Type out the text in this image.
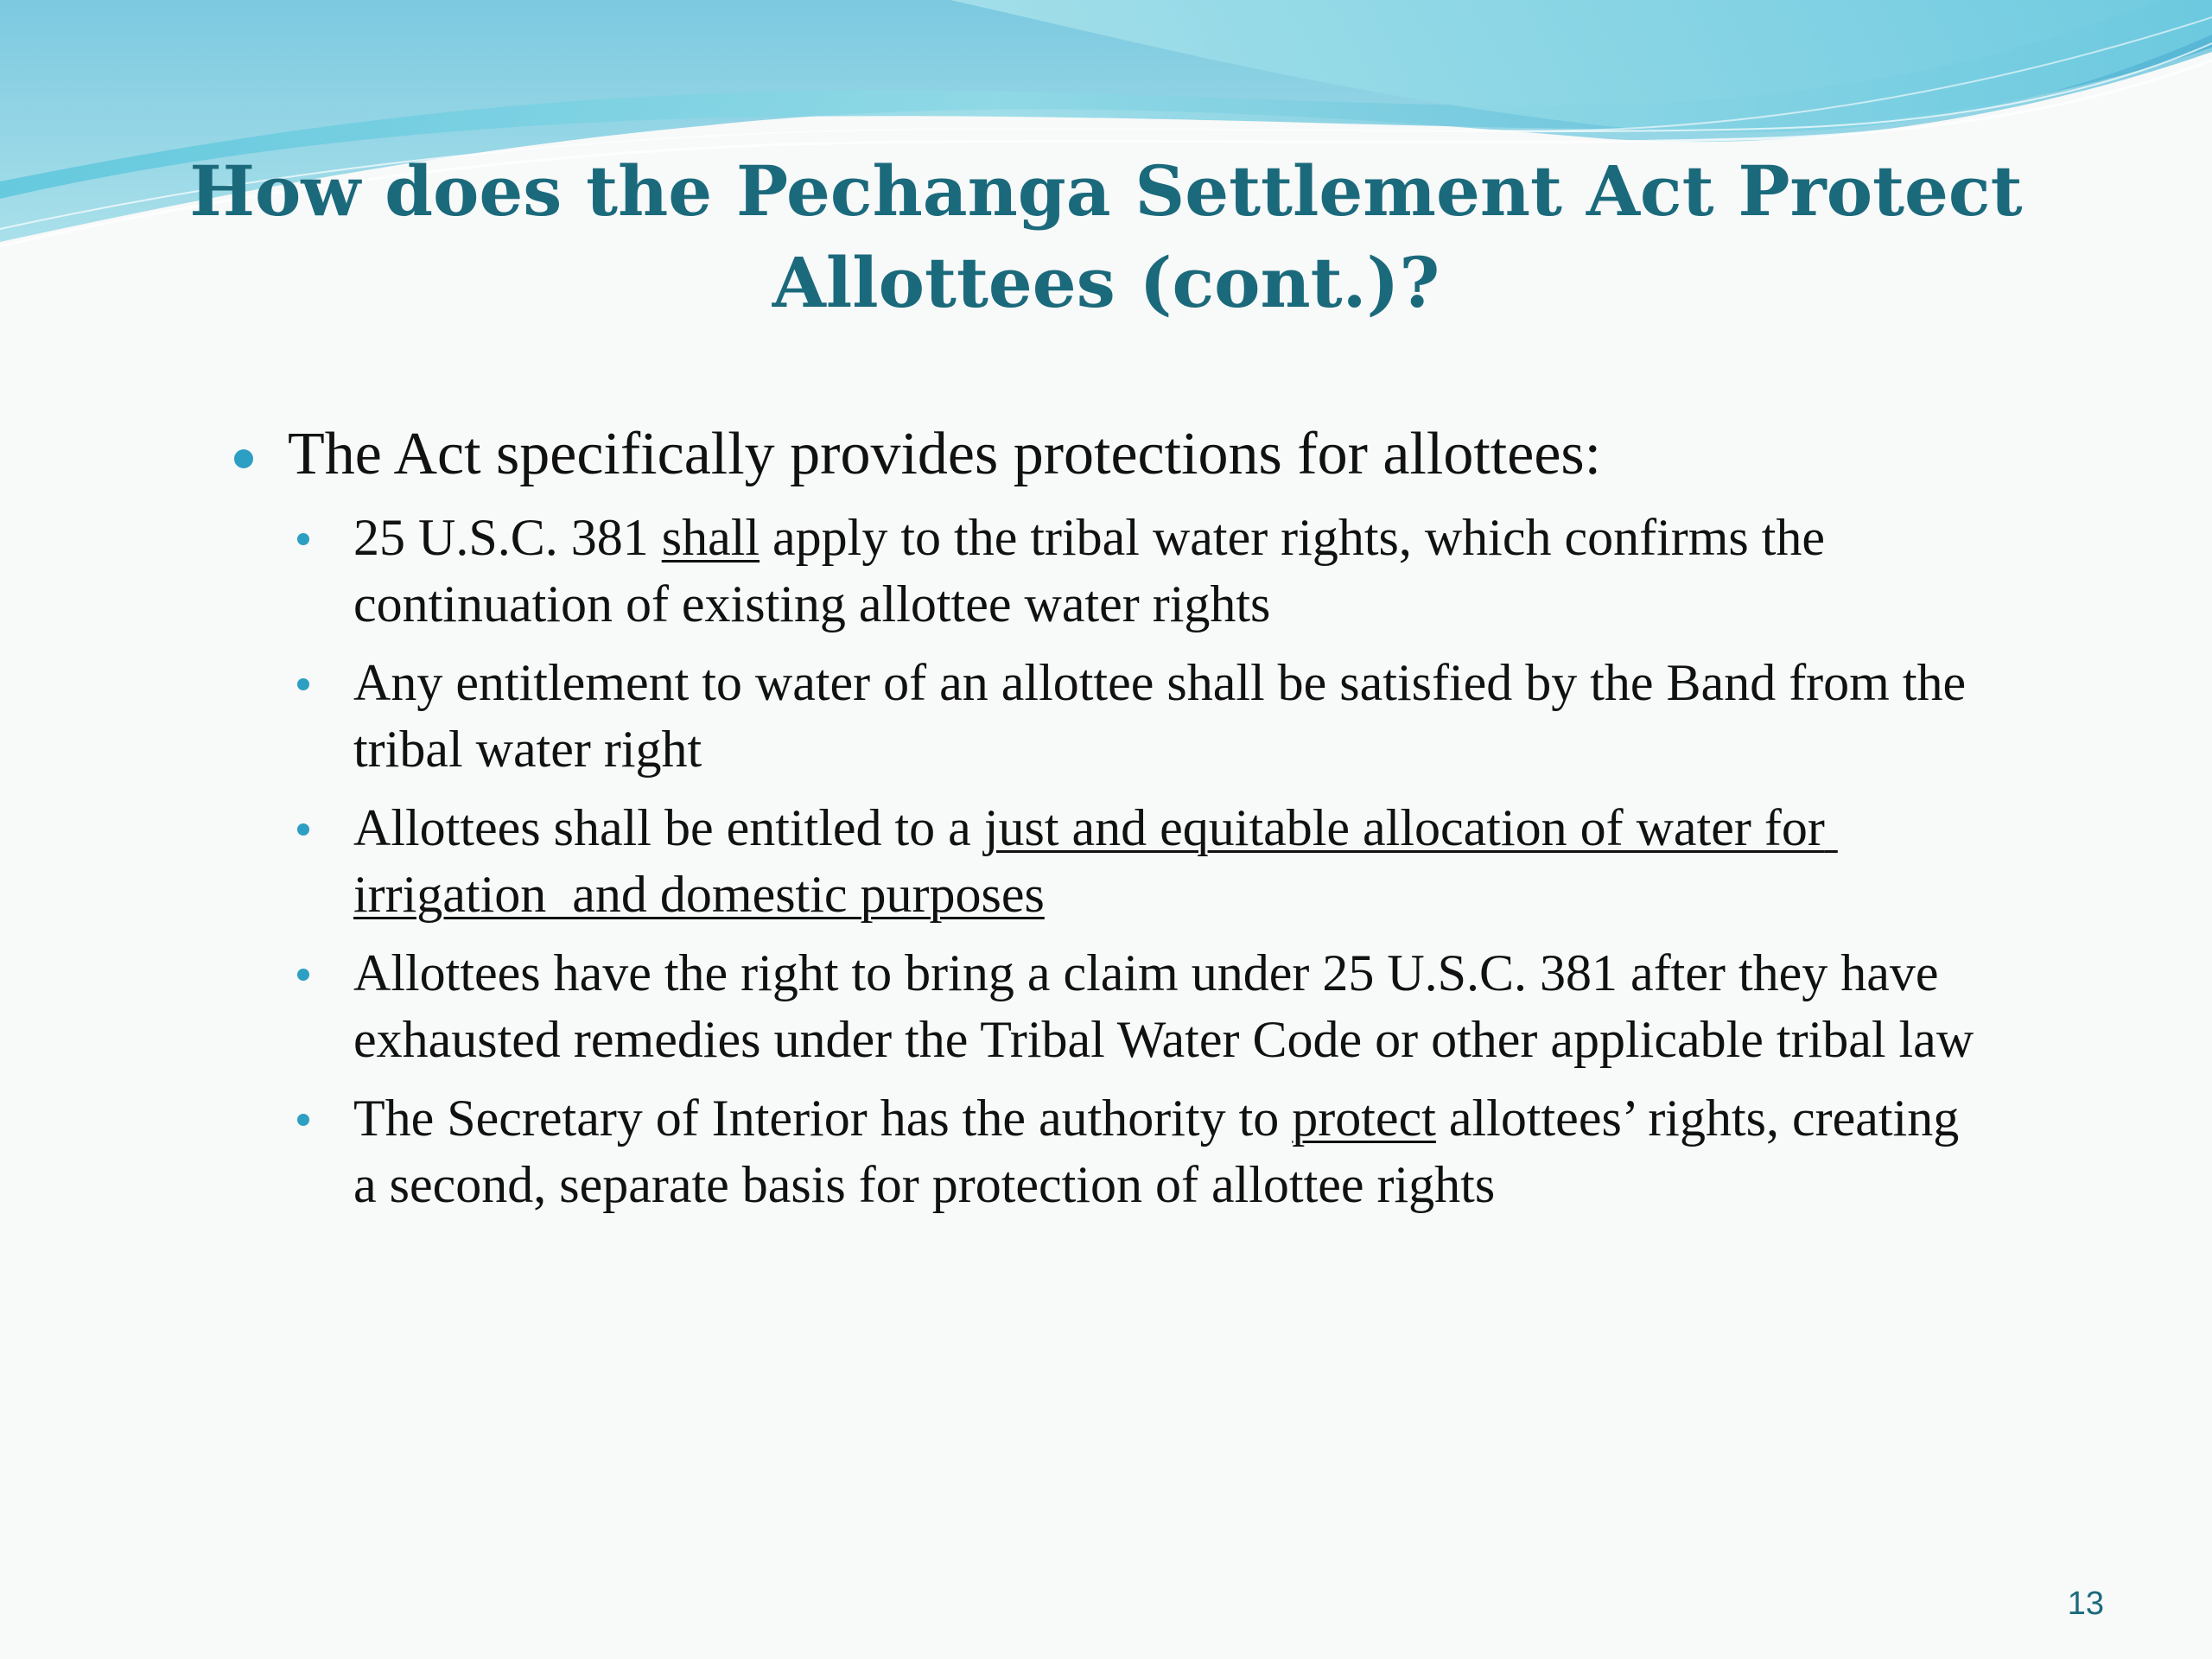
How does the Pechanga Settlement Act Protect
Allottees (cont.)?
The Act specifically provides protections for allottees:
25 U.S.C. 381 shall apply to the tribal water rights, which confirms the continuation of existing allottee water rights
Any entitlement to water of an allottee shall be satisfied by the Band from the tribal water right
Allottees shall be entitled to a just and equitable allocation of water for irrigation  and domestic purposes
Allottees have the right to bring a claim under 25 U.S.C. 381 after they have exhausted remedies under the Tribal Water Code or other applicable tribal law
The Secretary of Interior has the authority to protect allottees’ rights, creating a second, separate basis for protection of allottee rights
13
